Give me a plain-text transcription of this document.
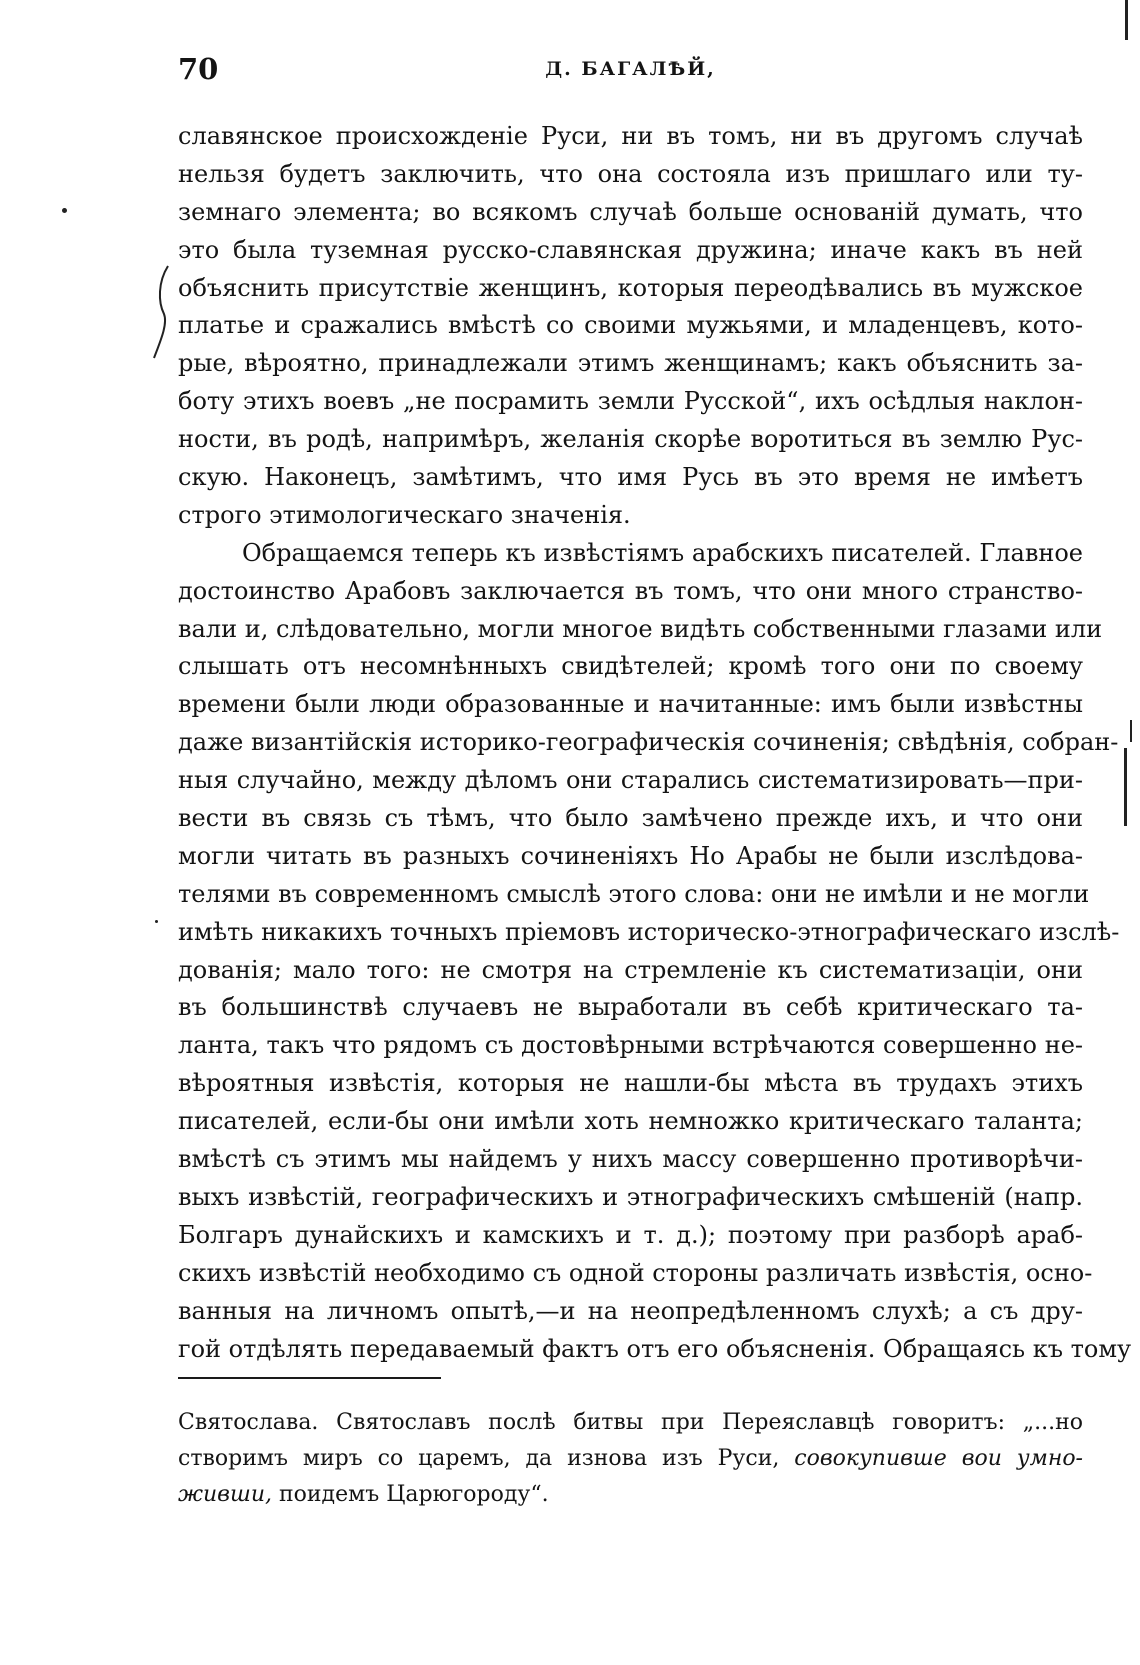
70	Д. БАГАЛѢЙ,
славянское происхожденіе Руси, ни въ томъ, ни въ другомъ случаѣ
нельзя будетъ заключить, что она состояла изъ пришлаго или ту-
земнаго элемента; во всякомъ случаѣ больше основаній думать, что
это была туземная русско-славянская дружина; иначе какъ въ ней
объяснить присутствіе женщинъ, которыя переодѣвались въ мужское
платье и сражались вмѣстѣ со своими мужьями, и младенцевъ, кото-
рые, вѣроятно, принадлежали этимъ женщинамъ; какъ объяснить за-
боту этихъ воевъ „не посрамить земли Русской“, ихъ осѣдлыя наклон-
ности, въ родѣ, напримѣръ, желанія скорѣе воротиться въ землю Рус-
скую. Наконецъ, замѣтимъ, что имя Русь въ это время не имѣетъ
строго этимологическаго значенія.
Обращаемся теперь къ извѣстіямъ арабскихъ писателей. Главное
достоинство Арабовъ заключается въ томъ, что они много странство-
вали и, слѣдовательно, могли многое видѣть собственными глазами или
слышать отъ несомнѣнныхъ свидѣтелей; кромѣ того они по своему
времени были люди образованные и начитанные: имъ были извѣстны
даже византійскія историко-географическія сочиненія; свѣдѣнія, собран-
ныя случайно, между дѣломъ они старались систематизировать—при-
вести въ связь съ тѣмъ, что было замѣчено прежде ихъ, и что они
могли читать въ разныхъ сочиненіяхъ Но Арабы не были изслѣдова-
телями въ современномъ смыслѣ этого слова: они не имѣли и не могли
имѣть никакихъ точныхъ пріемовъ историческо-этнографическаго изслѣ-
дованія; мало того: не смотря на стремленіе къ систематизаціи, они
въ большинствѣ случаевъ не выработали въ себѣ критическаго та-
ланта, такъ что рядомъ съ достовѣрными встрѣчаются совершенно не-
вѣроятныя извѣстія, которыя не нашли-бы мѣста въ трудахъ этихъ
писателей, если-бы они имѣли хоть немножко критическаго таланта;
вмѣстѣ съ этимъ мы найдемъ у нихъ массу совершенно противорѣчи-
выхъ извѣстій, географическихъ и этнографическихъ смѣшеній (напр.
Болгаръ дунайскихъ и камскихъ и т. д.); поэтому при разборѣ араб-
скихъ извѣстій необходимо съ одной стороны различать извѣстія, осно-
ванныя на личномъ опытѣ,—и на неопредѣленномъ слухѣ; а съ дру-
гой отдѣлять передаваемый фактъ отъ его объясненія. Обращаясь къ тому
Святослава. Святославъ послѣ битвы при Переяславцѣ говоритъ: „...но
створимъ миръ со царемъ, да изнова изъ Руси, совокупивше вои умно-
живши, поидемъ Царюгороду“.
